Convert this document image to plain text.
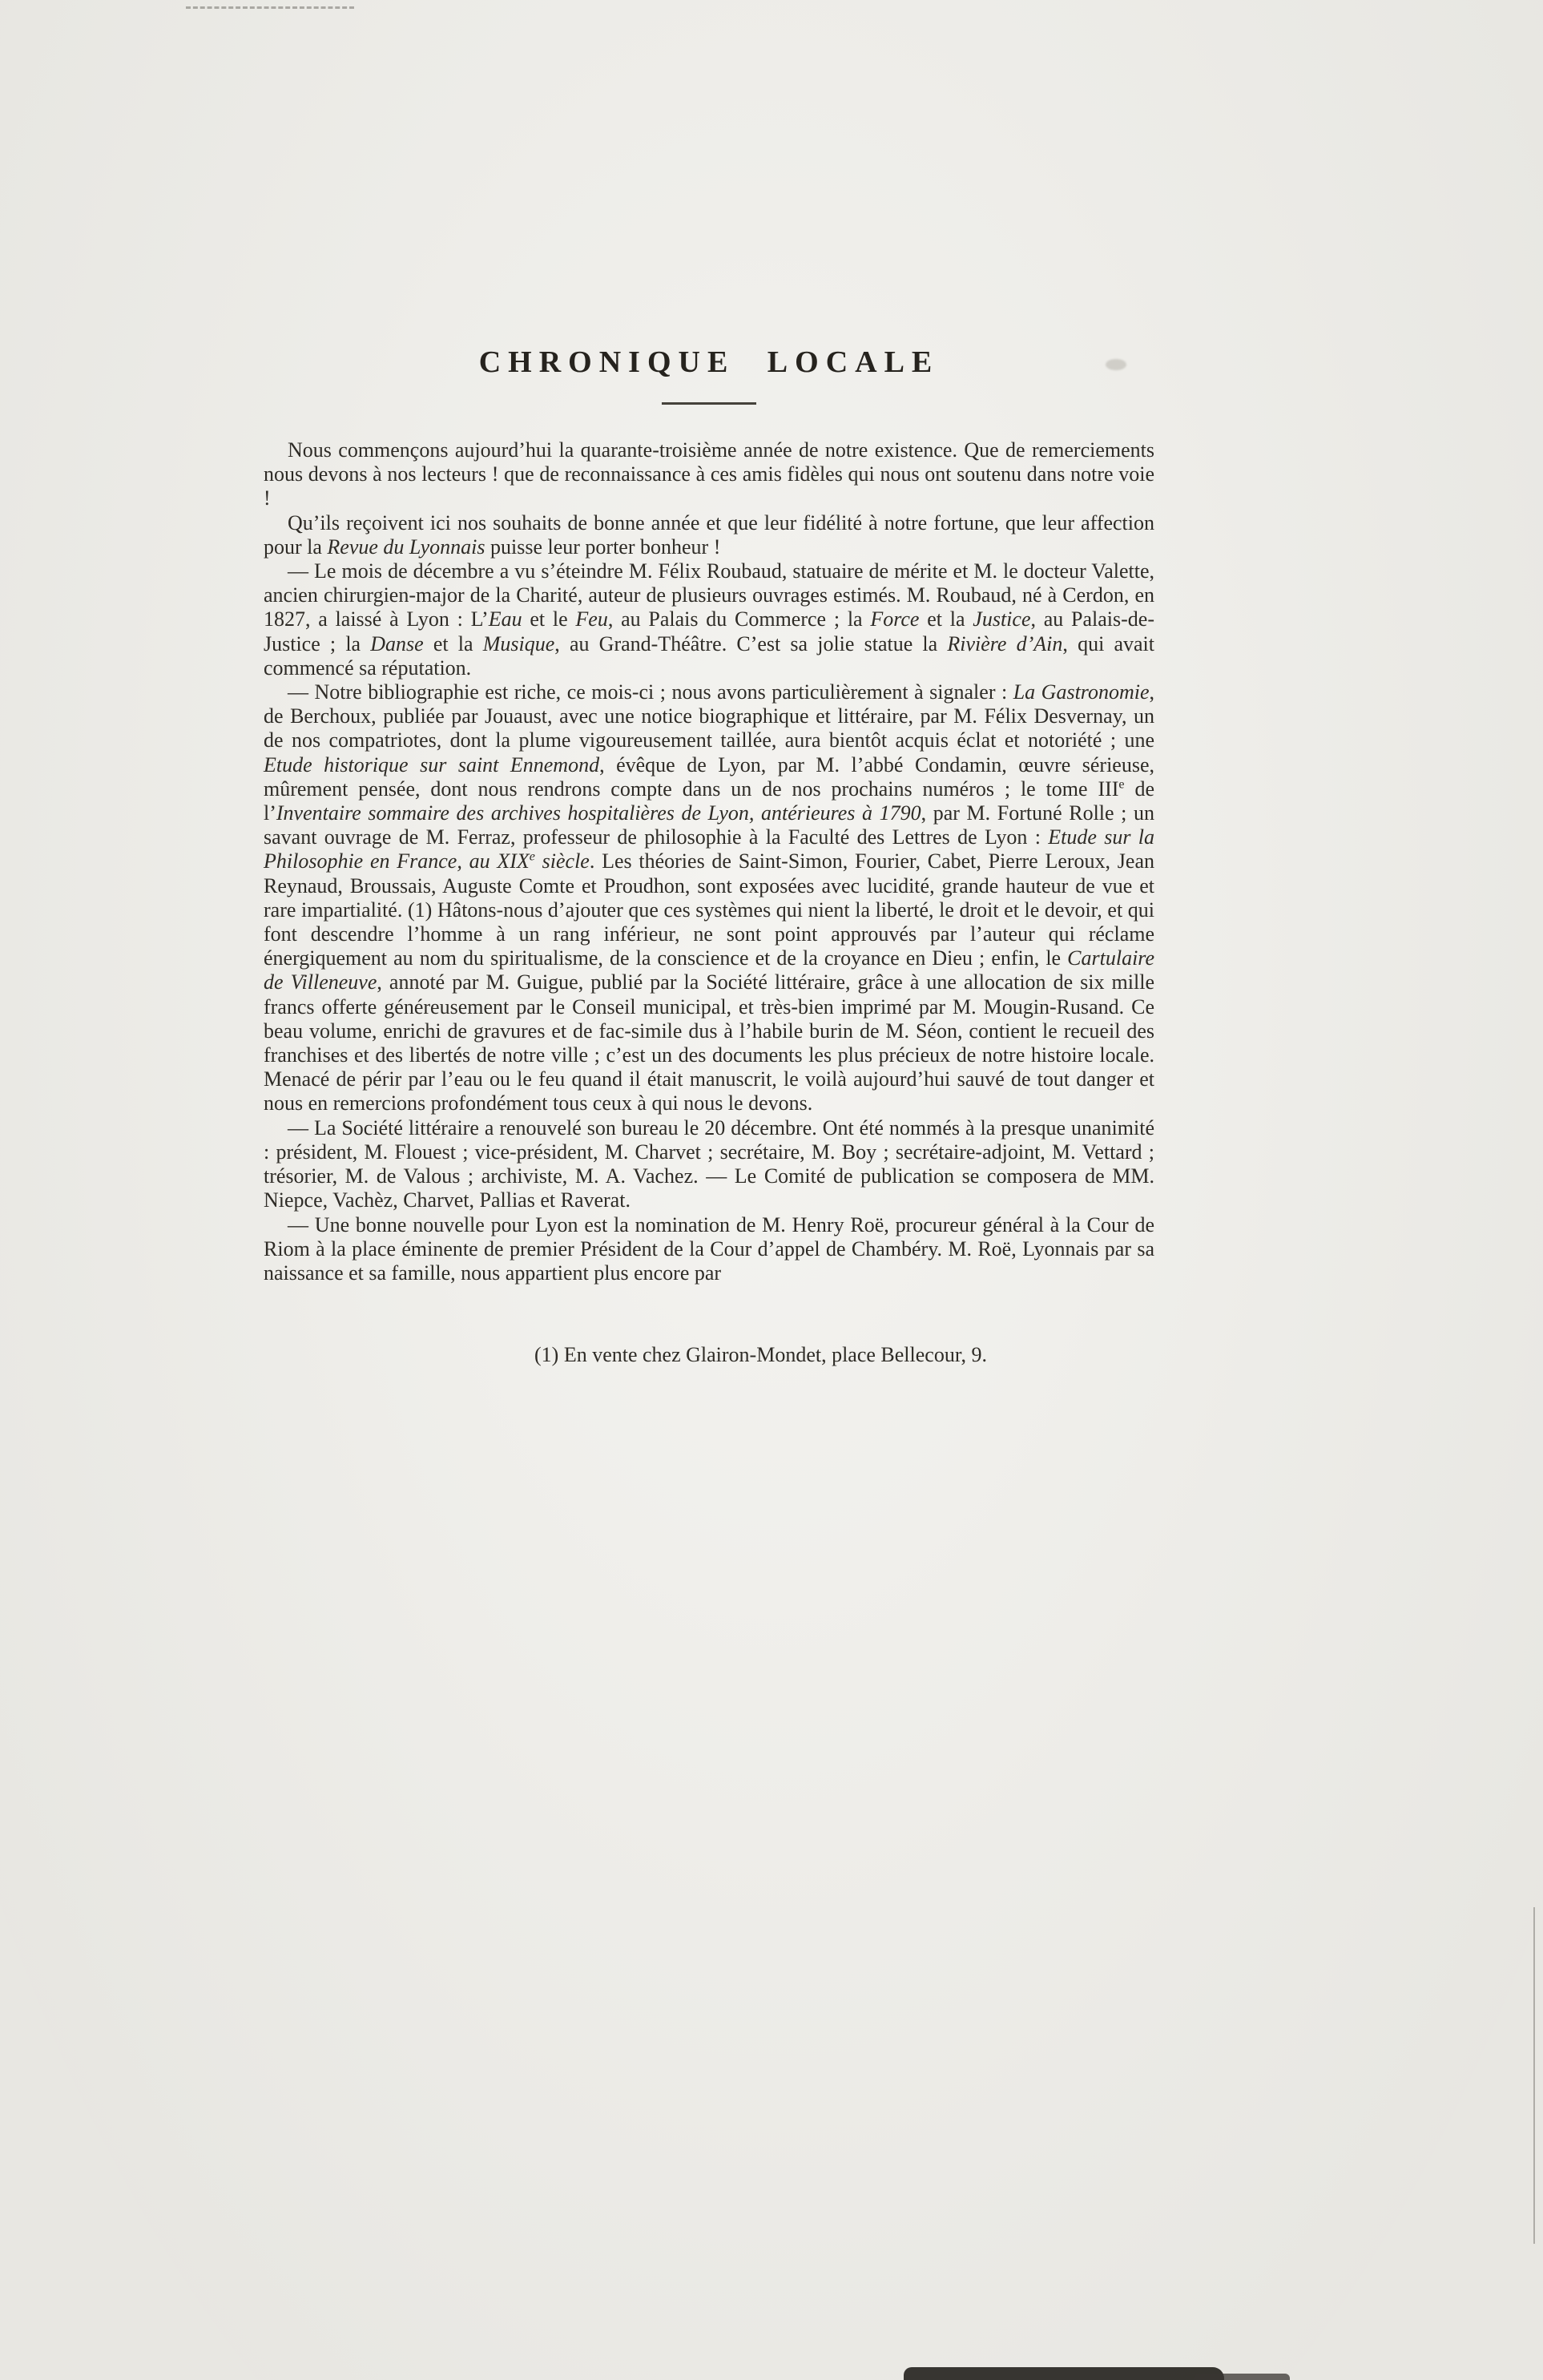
CHRONIQUE LOCALE

Nous commençons aujourd’hui la quarante-troisième année de notre existence. Que de remerciements nous devons à nos lecteurs ! que de reconnaissance à ces amis fidèles qui nous ont soutenu dans notre voie !

Qu’ils reçoivent ici nos souhaits de bonne année et que leur fidélité à notre fortune, que leur affection pour la Revue du Lyonnais puisse leur porter bonheur !

— Le mois de décembre a vu s’éteindre M. Félix Roubaud, statuaire de mérite et M. le docteur Valette, ancien chirurgien-major de la Charité, auteur de plusieurs ouvrages estimés. M. Roubaud, né à Cerdon, en 1827, a laissé à Lyon : L’Eau et le Feu, au Palais du Commerce ; la Force et la Justice, au Palais-de-Justice ; la Danse et la Musique, au Grand-Théâtre. C’est sa jolie statue la Rivière d’Ain, qui avait commencé sa réputation.

— Notre bibliographie est riche, ce mois-ci ; nous avons particulièrement à signaler : La Gastronomie, de Berchoux, publiée par Jouaust, avec une notice biographique et littéraire, par M. Félix Desvernay, un de nos compatriotes, dont la plume vigoureusement taillée, aura bientôt acquis éclat et notoriété ; une Etude historique sur saint Ennemond, évêque de Lyon, par M. l’abbé Condamin, œuvre sérieuse, mûrement pensée, dont nous rendrons compte dans un de nos prochains numéros ; le tome IIIe de l’Inventaire sommaire des archives hospitalières de Lyon, antérieures à 1790, par M. Fortuné Rolle ; un savant ouvrage de M. Ferraz, professeur de philosophie à la Faculté des Lettres de Lyon : Etude sur la Philosophie en France, au XIXe siècle. Les théories de Saint-Simon, Fourier, Cabet, Pierre Leroux, Jean Reynaud, Broussais, Auguste Comte et Proudhon, sont exposées avec lucidité, grande hauteur de vue et rare impartialité. (1) Hâtons-nous d’ajouter que ces systèmes qui nient la liberté, le droit et le devoir, et qui font descendre l’homme à un rang inférieur, ne sont point approuvés par l’auteur qui réclame énergiquement au nom du spiritualisme, de la conscience et de la croyance en Dieu ; enfin, le Cartulaire de Villeneuve, annoté par M. Guigue, publié par la Société littéraire, grâce à une allocation de six mille francs offerte généreusement par le Conseil municipal, et très-bien imprimé par M. Mougin-Rusand. Ce beau volume, enrichi de gravures et de fac-simile dus à l’habile burin de M. Séon, contient le recueil des franchises et des libertés de notre ville ; c’est un des documents les plus précieux de notre histoire locale. Menacé de périr par l’eau ou le feu quand il était manuscrit, le voilà aujourd’hui sauvé de tout danger et nous en remercions profondément tous ceux à qui nous le devons.

— La Société littéraire a renouvelé son bureau le 20 décembre. Ont été nommés à la presque unanimité : président, M. Flouest ; vice-président, M. Charvet ; secrétaire, M. Boy ; secrétaire-adjoint, M. Vettard ; trésorier, M. de Valous ; archiviste, M. A. Vachez. — Le Comité de publication se composera de MM. Niepce, Vachèz, Charvet, Pallias et Raverat.

— Une bonne nouvelle pour Lyon est la nomination de M. Henry Roë, procureur général à la Cour de Riom à la place éminente de premier Président de la Cour d’appel de Chambéry. M. Roë, Lyonnais par sa naissance et sa famille, nous appartient plus encore par

(1) En vente chez Glairon-Mondet, place Bellecour, 9.
